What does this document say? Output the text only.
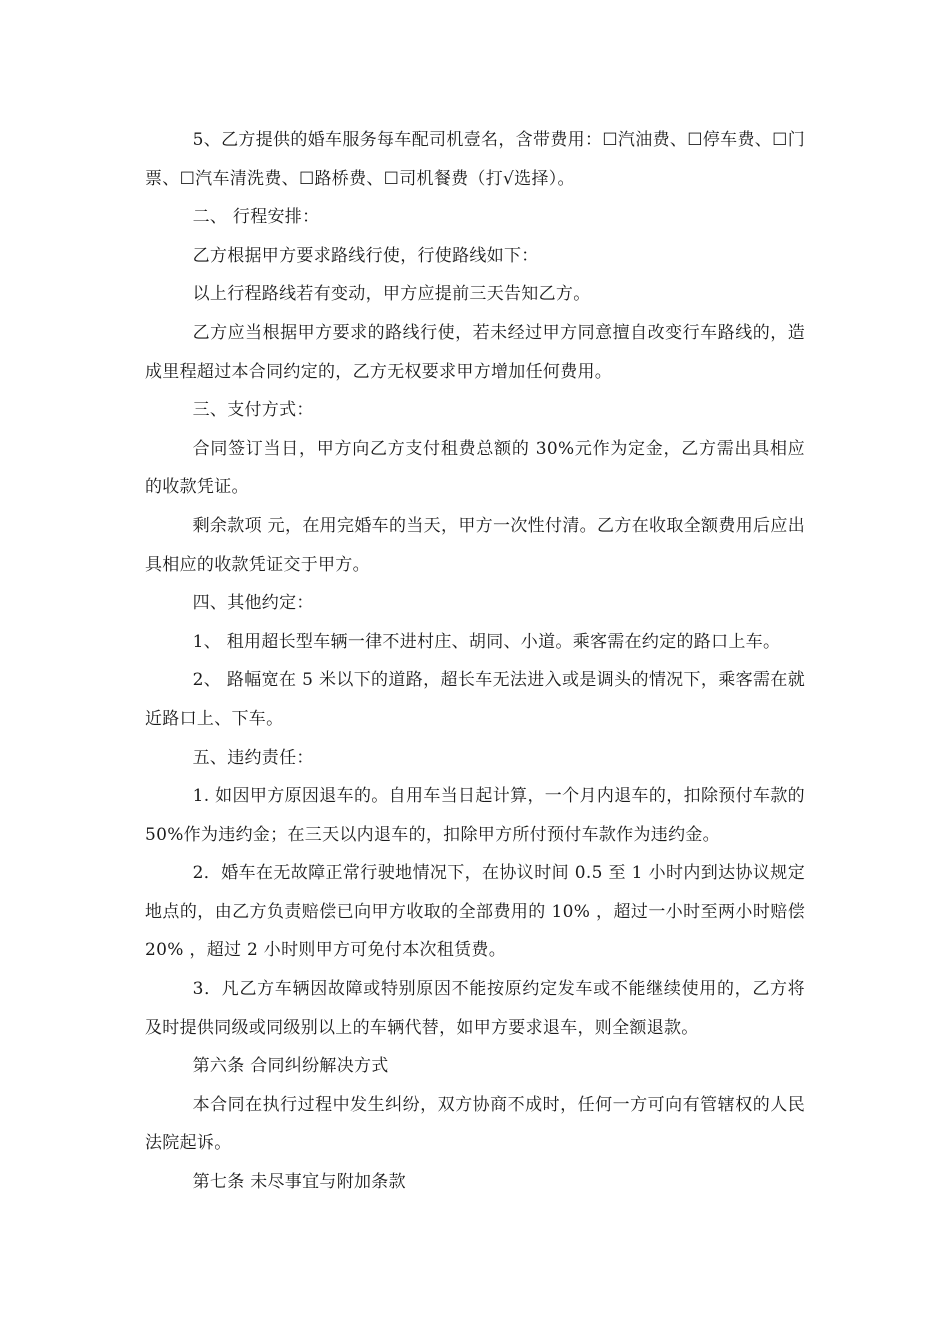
5、乙方提供的婚车服务每车配司机壹名，含带费用：☐汽油费、☐停车费、☐门票、☐汽车清洗费、☐路桥费、☐司机餐费（打√选择）。

二、 行程安排：

乙方根据甲方要求路线行使，行使路线如下：

以上行程路线若有变动，甲方应提前三天告知乙方。

乙方应当根据甲方要求的路线行使，若未经过甲方同意擅自改变行车路线的，造成里程超过本合同约定的，乙方无权要求甲方增加任何费用。

三、支付方式：

合同签订当日，甲方向乙方支付租费总额的 30%元作为定金，乙方需出具相应的收款凭证。

剩余款项 元，在用完婚车的当天，甲方一次性付清。乙方在收取全额费用后应出具相应的收款凭证交于甲方。

四、其他约定：

1、 租用超长型车辆一律不进村庄、胡同、小道。乘客需在约定的路口上车。

2、 路幅宽在 5 米以下的道路，超长车无法进入或是调头的情况下，乘客需在就近路口上、下车。

五、违约责任：

1. 如因甲方原因退车的。自用车当日起计算，一个月内退车的，扣除预付车款的 50%作为违约金；在三天以内退车的，扣除甲方所付预付车款作为违约金。

2．婚车在无故障正常行驶地情况下，在协议时间 0.5 至 1 小时内到达协议规定地点的，由乙方负责赔偿已向甲方收取的全部费用的 10% ，超过一小时至两小时赔偿 20% ，超过 2 小时则甲方可免付本次租赁费。

3．凡乙方车辆因故障或特别原因不能按原约定发车或不能继续使用的，乙方将及时提供同级或同级别以上的车辆代替，如甲方要求退车，则全额退款。

第六条 合同纠纷解决方式

本合同在执行过程中发生纠纷，双方协商不成时，任何一方可向有管辖权的人民法院起诉。

第七条 未尽事宜与附加条款
